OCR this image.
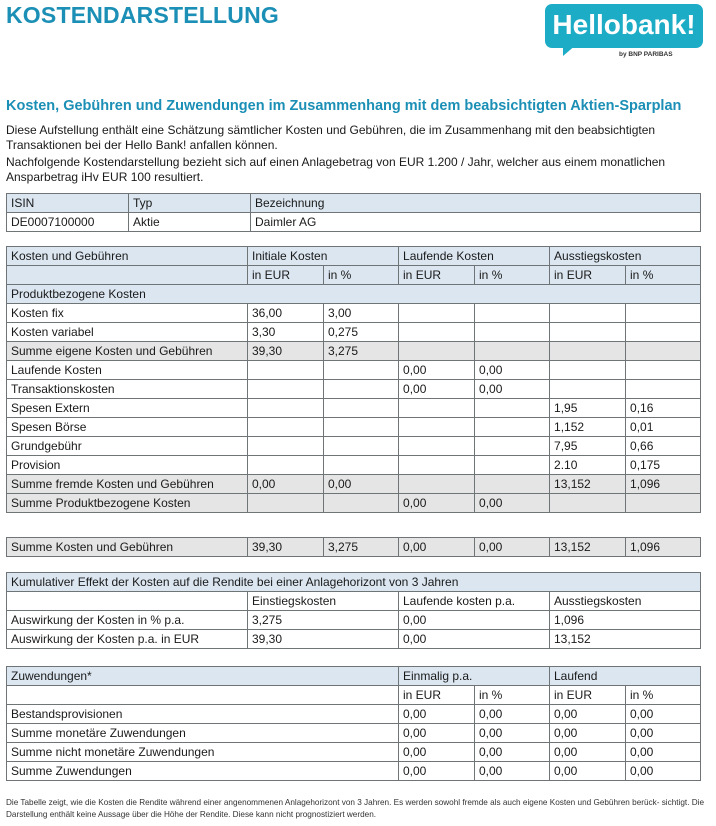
KOSTENDARSTELLUNG	Hellobank!
by BNP PARIBAS
Kosten, Gebühren und Zuwendungen im Zusammenhang mit dem beabsichtigten Aktien-Sparplan
Diese Aufstellung enthält eine Schätzung sämtlicher Kosten und Gebühren, die im Zusammenhang mit den beabsichtigten Transaktionen bei der Hello Bank! anfallen können.
Nachfolgende Kostendarstellung bezieht sich auf einen Anlagebetrag von EUR 1.200 / Jahr, welcher aus einem monatlichen Ansparbetrag iHv EUR 100 resultiert.
ISIN	Typ	Bezeichnung
DE0007100000	Aktie	Daimler AG
Kosten und Gebühren	Initiale Kosten		Laufende Kosten		Ausstiegskosten	
	in EUR	in %	in EUR	in %	in EUR	in %
Produktbezogene Kosten						
Kosten fix	36,00	3,00				
Kosten variabel	3,30	0,275				
Summe eigene Kosten und Gebühren	39,30	3,275				
Laufende Kosten			0,00	0,00		
Transaktionskosten			0,00	0,00		
Spesen Extern					1,95	0,16
Spesen Börse					1,152	0,01
Grundgebühr					7,95	0,66
Provision					2.10	0,175
Summe fremde Kosten und Gebühren	0,00	0,00			13,152	1,096
Summe Produktbezogene Kosten			0,00	0,00		
Summe Kosten und Gebühren	39,30	3,275	0,00	0,00	13,152	1,096
Kumulativer Effekt der Kosten auf die Rendite bei einer Anlagehorizont von 3 Jahren			
	Einstiegskosten	Laufende kosten p.a.	Ausstiegskosten
Auswirkung der Kosten in % p.a.	3,275	0,00	1,096
Auswirkung der Kosten p.a. in EUR	39,30	0,00	13,152
Zuwendungen*	Einmalig p.a.		Laufend	
	in EUR	in %	in EUR	in %
Bestandsprovisionen	0,00	0,00	0,00	0,00
Summe monetäre Zuwendungen	0,00	0,00	0,00	0,00
Summe nicht monetäre Zuwendungen	0,00	0,00	0,00	0,00
Summe Zuwendungen	0,00	0,00	0,00	0,00
Die Tabelle zeigt, wie die Kosten die Rendite während einer angenommenen Anlagehorizont von 3 Jahren. Es werden sowohl fremde als auch eigene Kosten und Gebühren berück- sichtigt. Die Darstellung enthält keine Aussage über die Höhe der Rendite. Diese kann nicht prognostiziert werden.
